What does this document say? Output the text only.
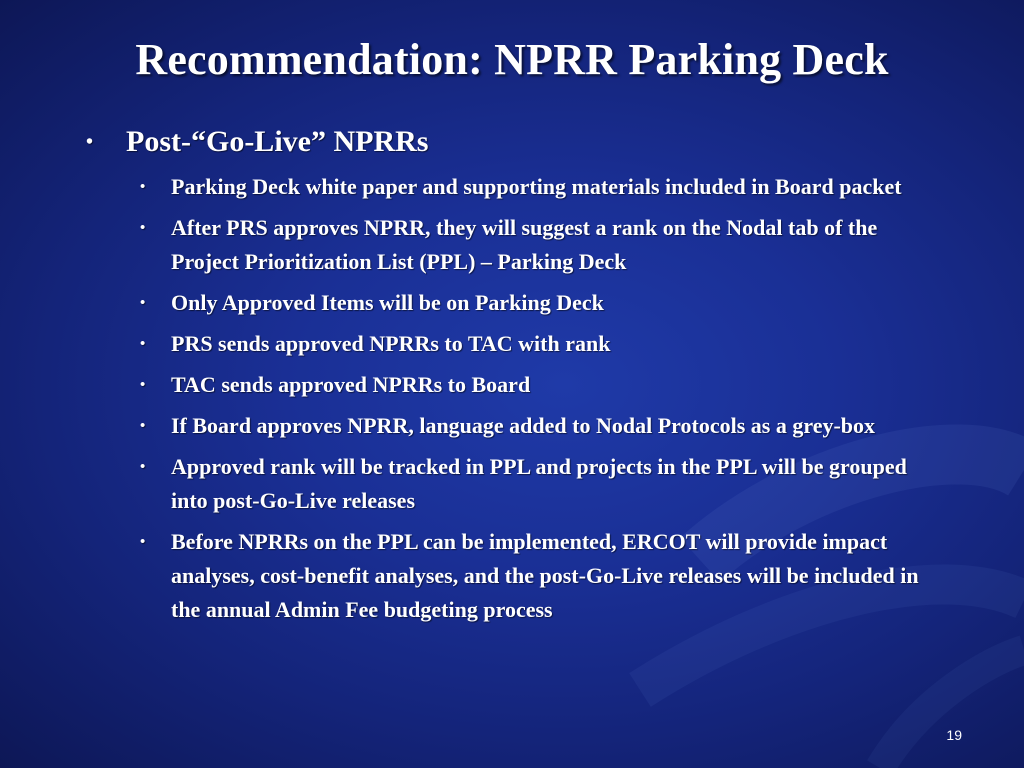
Recommendation: NPRR Parking Deck
• Post-“Go-Live” NPRRs
• Parking Deck white paper and supporting materials included in Board packet
• After PRS approves NPRR, they will suggest a rank on the Nodal tab of the Project Prioritization List (PPL) – Parking Deck
• Only Approved Items will be on Parking Deck
• PRS sends approved NPRRs to TAC with rank
• TAC sends approved NPRRs to Board
• If Board approves NPRR, language added to Nodal Protocols as a grey-box
• Approved rank will be tracked in PPL and projects in the PPL will be grouped into post-Go-Live releases
• Before NPRRs on the PPL can be implemented, ERCOT will provide impact analyses, cost-benefit analyses, and the post-Go-Live releases will be included in the annual Admin Fee budgeting process
19
